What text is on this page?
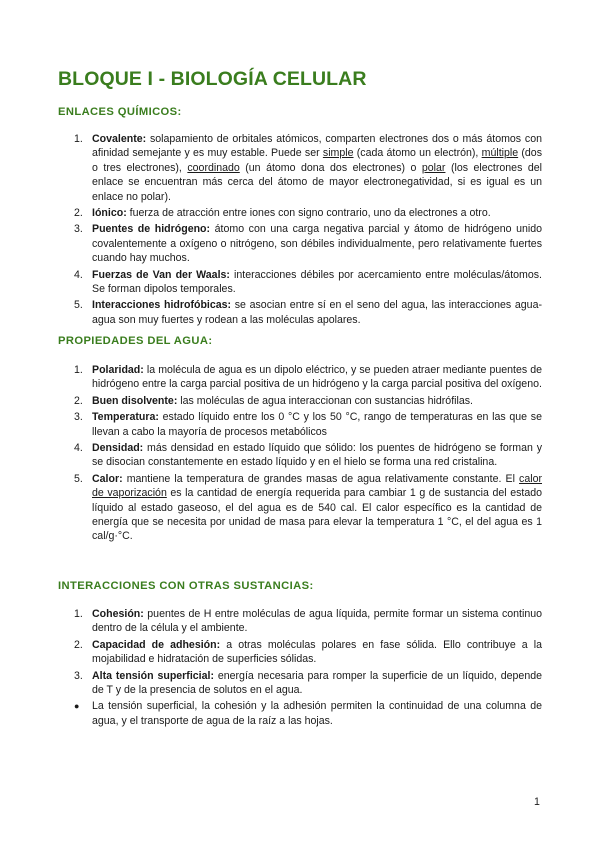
BLOQUE I - BIOLOGÍA CELULAR
ENLACES QUÍMICOS:
1. Covalente: solapamiento de orbitales atómicos, comparten electrones dos o más átomos con afinidad semejante y es muy estable. Puede ser simple (cada átomo un electrón), múltiple (dos o tres electrones), coordinado (un átomo dona dos electrones) o polar (los electrones del enlace se encuentran más cerca del átomo de mayor electronegatividad, si es igual es un enlace no polar).
2. Iónico: fuerza de atracción entre iones con signo contrario, uno da electrones a otro.
3. Puentes de hidrógeno: átomo con una carga negativa parcial y átomo de hidrógeno unido covalentemente a oxígeno o nitrógeno, son débiles individualmente, pero relativamente fuertes cuando hay muchos.
4. Fuerzas de Van der Waals: interacciones débiles por acercamiento entre moléculas/átomos. Se forman dipolos temporales.
5. Interacciones hidrofóbicas: se asocian entre sí en el seno del agua, las interacciones agua-agua son muy fuertes y rodean a las moléculas apolares.
PROPIEDADES DEL AGUA:
1. Polaridad: la molécula de agua es un dipolo eléctrico, y se pueden atraer mediante puentes de hidrógeno entre la carga parcial positiva de un hidrógeno y la carga parcial positiva del oxígeno.
2. Buen disolvente: las moléculas de agua interaccionan con sustancias hidrófilas.
3. Temperatura: estado líquido entre los 0 °C y los 50 °C, rango de temperaturas en las que se llevan a cabo la mayoría de procesos metabólicos
4. Densidad: más densidad en estado líquido que sólido: los puentes de hidrógeno se forman y se disocian constantemente en estado líquido y en el hielo se forma una red cristalina.
5. Calor: mantiene la temperatura de grandes masas de agua relativamente constante. El calor de vaporización es la cantidad de energía requerida para cambiar 1 g de sustancia del estado líquido al estado gaseoso, el del agua es de 540 cal. El calor específico es la cantidad de energía que se necesita por unidad de masa para elevar la temperatura 1 °C, el del agua es 1 cal/g·°C.
INTERACCIONES CON OTRAS SUSTANCIAS:
1. Cohesión: puentes de H entre moléculas de agua líquida, permite formar un sistema continuo dentro de la célula y el ambiente.
2. Capacidad de adhesión: a otras moléculas polares en fase sólida. Ello contribuye a la mojabilidad e hidratación de superficies sólidas.
3. Alta tensión superficial: energía necesaria para romper la superficie de un líquido, depende de T y de la presencia de solutos en el agua.
● La tensión superficial, la cohesión y la adhesión permiten la continuidad de una columna de agua, y el transporte de agua de la raíz a las hojas.
1
